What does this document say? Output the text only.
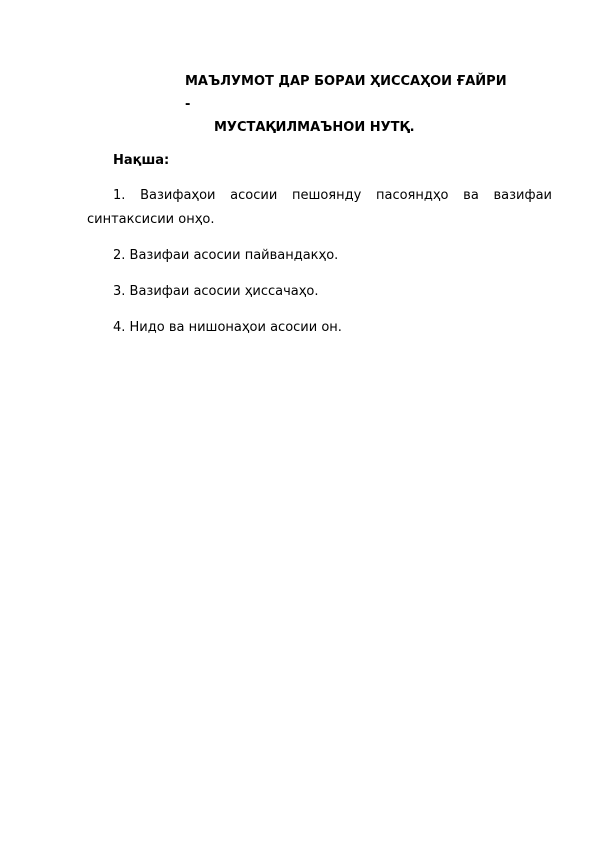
МАЪЛУМОТ ДАР БОРАИ ҲИССАҲОИ ҒАЙРИ -
МУСТАҚИЛМАЪНОИ НУТҚ.

Нақша:

1. Вазифаҳои асосии пешоянду пасояндҳо ва вазифаи синтаксисии онҳо.

2. Вазифаи асосии пайвандакҳо.

3. Вазифаи асосии ҳиссачаҳо.

4. Нидо ва нишонаҳои асосии он.
